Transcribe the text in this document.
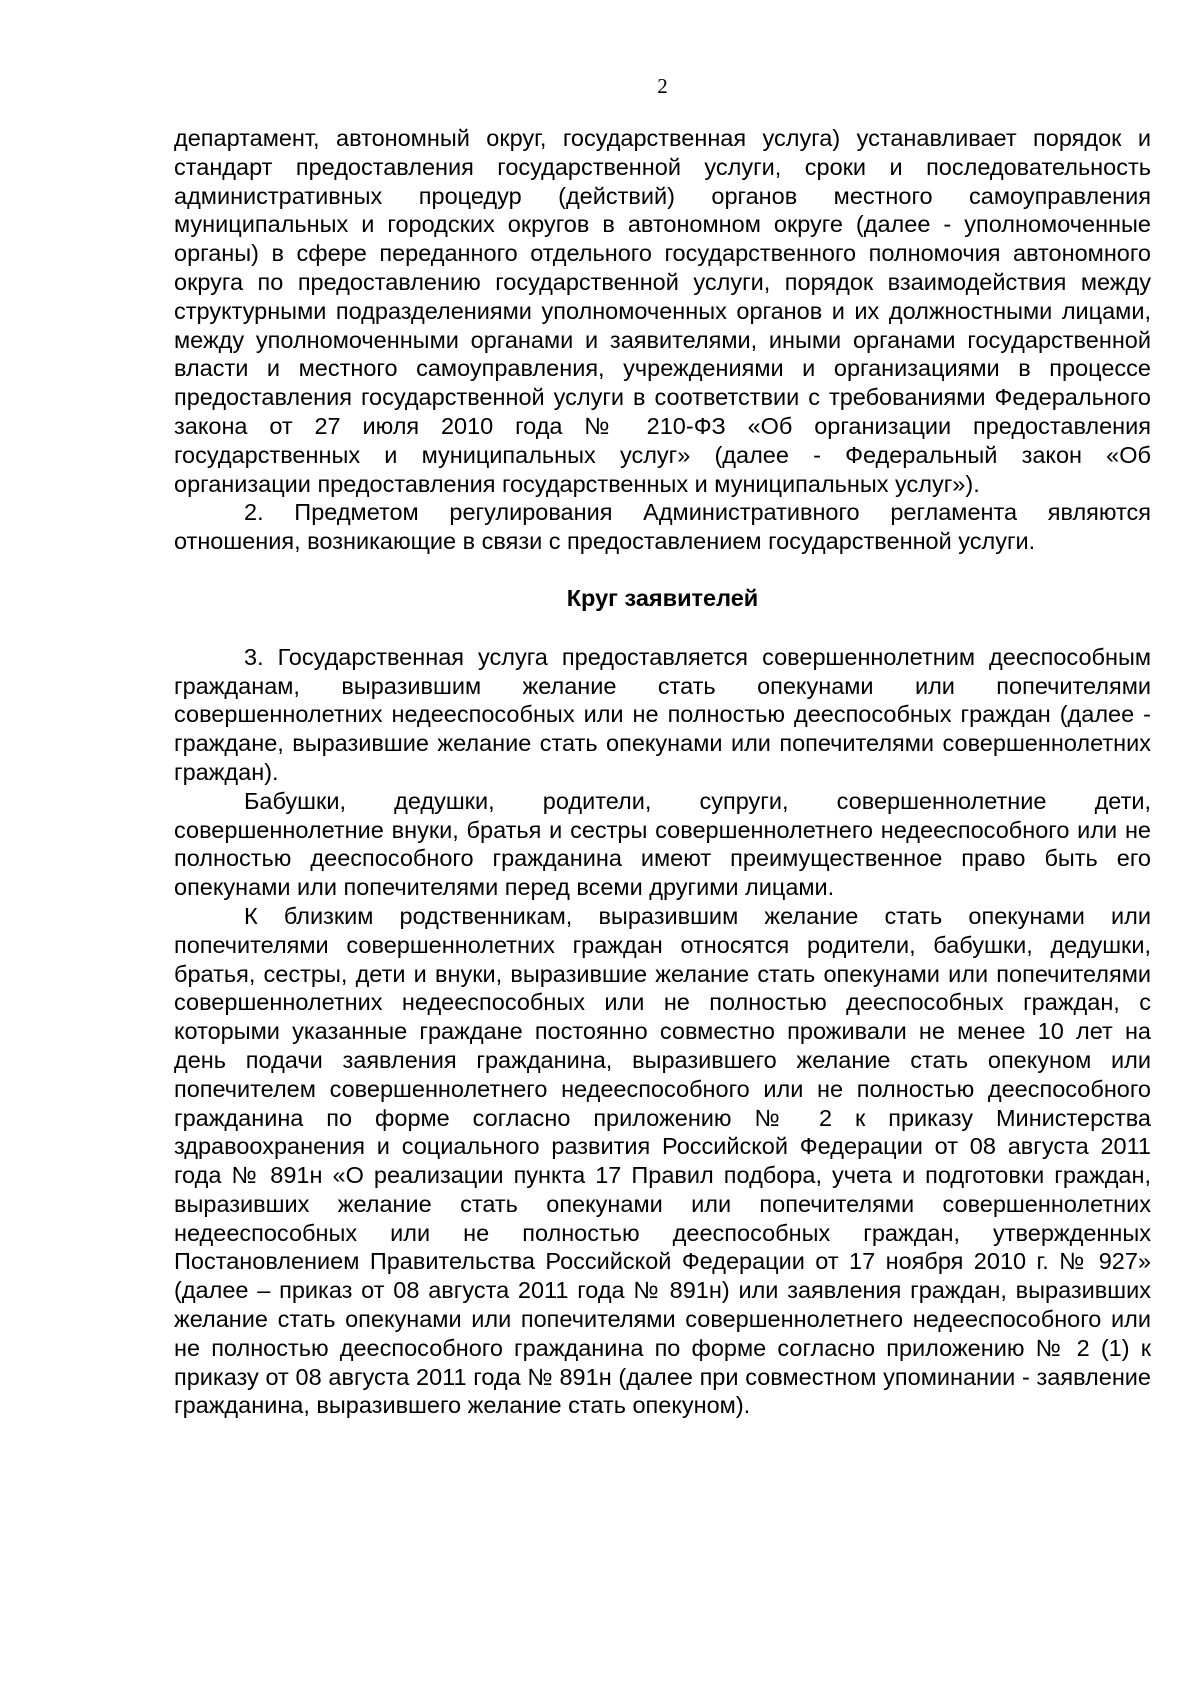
2

департамент, автономный округ, государственная услуга) устанавливает порядок и стандарт предоставления государственной услуги, сроки и последовательность административных процедур (действий) органов местного самоуправления муниципальных и городских округов в автономном округе (далее - уполномоченные органы) в сфере переданного отдельного государственного полномочия автономного округа по предоставлению государственной услуги, порядок взаимодействия между структурными подразделениями уполномоченных органов и их должностными лицами, между уполномоченными органами и заявителями, иными органами государственной власти и местного самоуправления, учреждениями и организациями в процессе предоставления государственной услуги в соответствии с требованиями Федерального закона от 27 июля 2010 года № 210-ФЗ «Об организации предоставления государственных и муниципальных услуг» (далее - Федеральный закон «Об организации предоставления государственных и муниципальных услуг»).

2. Предметом регулирования Административного регламента являются отношения, возникающие в связи с предоставлением государственной услуги.

Круг заявителей

3. Государственная услуга предоставляется совершеннолетним дееспособным гражданам, выразившим желание стать опекунами или попечителями совершеннолетних недееспособных или не полностью дееспособных граждан (далее - граждане, выразившие желание стать опекунами или попечителями совершеннолетних граждан).

Бабушки, дедушки, родители, супруги, совершеннолетние дети, совершеннолетние внуки, братья и сестры совершеннолетнего недееспособного или не полностью дееспособного гражданина имеют преимущественное право быть его опекунами или попечителями перед всеми другими лицами.

К близким родственникам, выразившим желание стать опекунами или попечителями совершеннолетних граждан относятся родители, бабушки, дедушки, братья, сестры, дети и внуки, выразившие желание стать опекунами или попечителями совершеннолетних недееспособных или не полностью дееспособных граждан, с которыми указанные граждане постоянно совместно проживали не менее 10 лет на день подачи заявления гражданина, выразившего желание стать опекуном или попечителем совершеннолетнего недееспособного или не полностью дееспособного гражданина по форме согласно приложению № 2 к приказу Министерства здравоохранения и социального развития Российской Федерации от 08 августа 2011 года № 891н «О реализации пункта 17 Правил подбора, учета и подготовки граждан, выразивших желание стать опекунами или попечителями совершеннолетних недееспособных или не полностью дееспособных граждан, утвержденных Постановлением Правительства Российской Федерации от 17 ноября 2010 г. № 927» (далее – приказ от 08 августа 2011 года № 891н) или заявления граждан, выразивших желание стать опекунами или попечителями совершеннолетнего недееспособного или не полностью дееспособного гражданина по форме согласно приложению № 2 (1) к приказу от 08 августа 2011 года № 891н (далее при совместном упоминании - заявление гражданина, выразившего желание стать опекуном).
